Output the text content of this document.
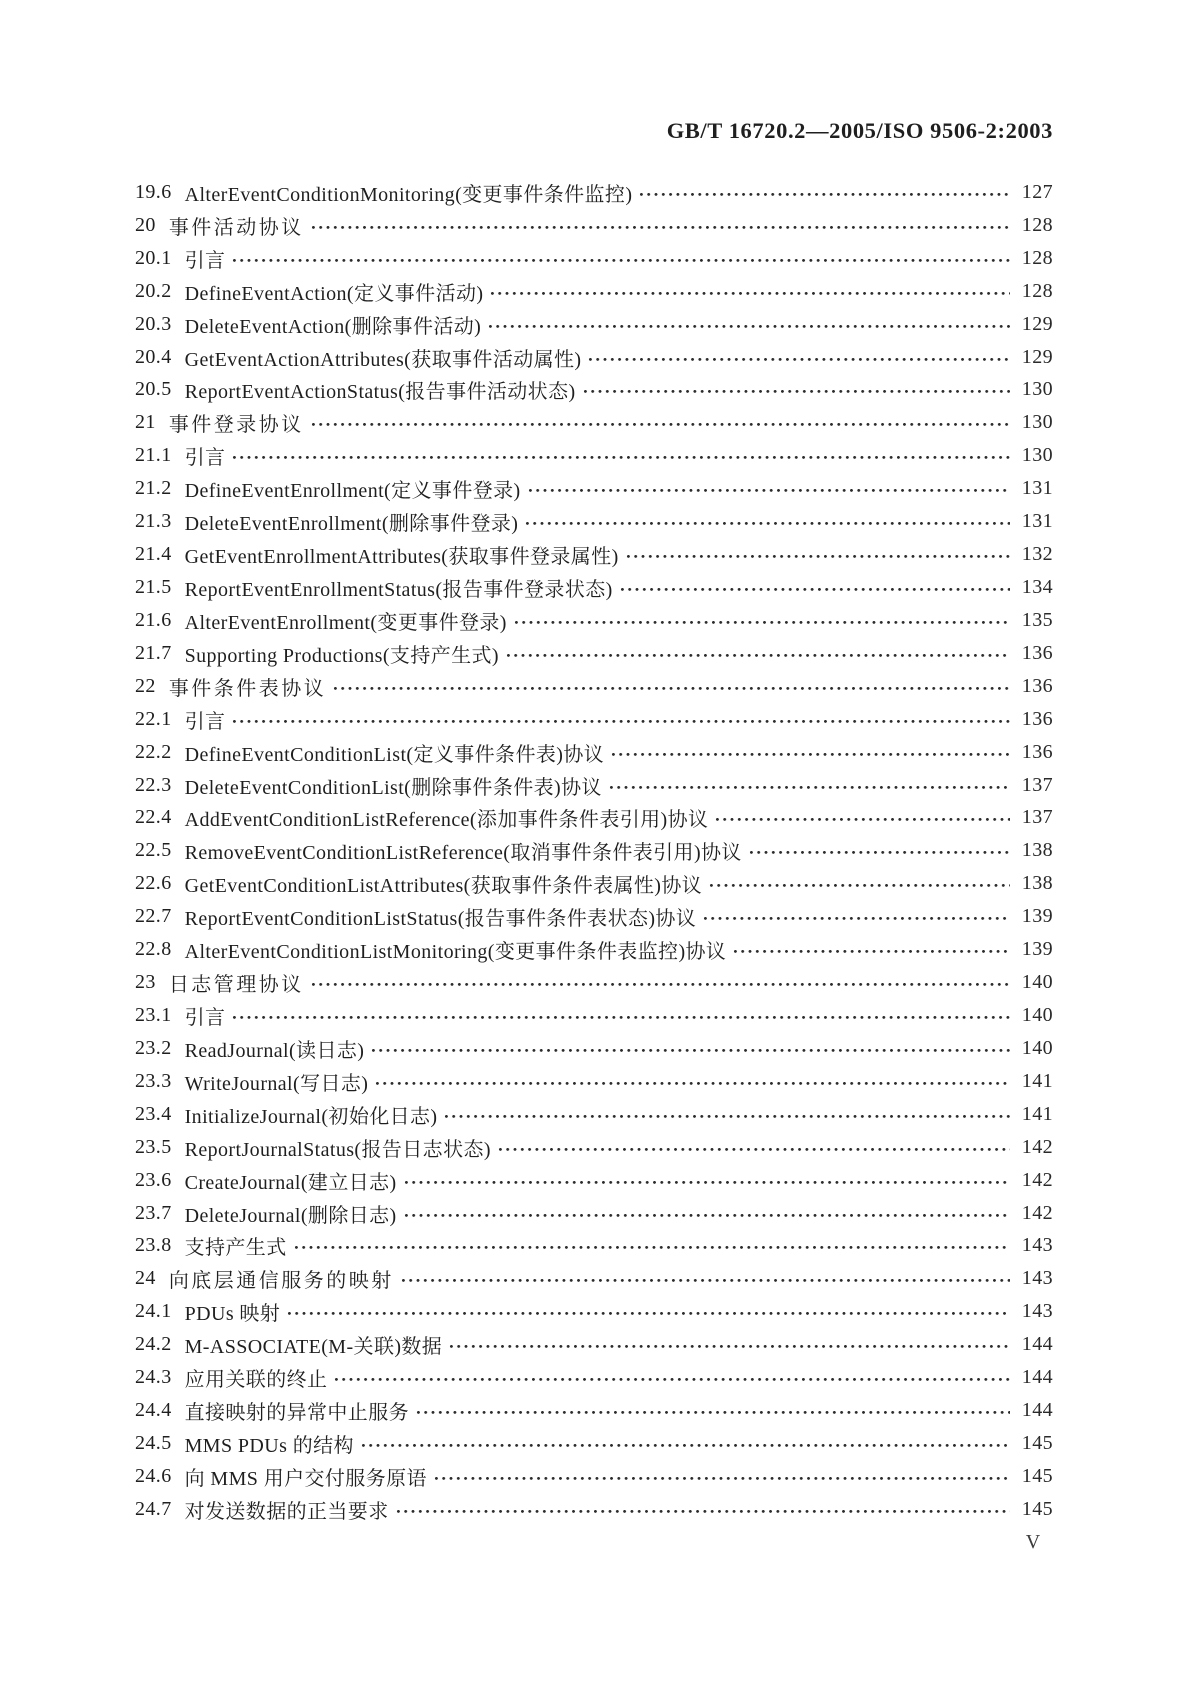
GB/T 16720.2—2005/ISO 9506-2:2003
19.6 AlterEventConditionMonitoring(变更事件条件监控)	127
20 事件活动协议	128
20.1 引言	128
20.2 DefineEventAction(定义事件活动)	128
20.3 DeleteEventAction(删除事件活动)	129
20.4 GetEventActionAttributes(获取事件活动属性)	129
20.5 ReportEventActionStatus(报告事件活动状态)	130
21 事件登录协议	130
21.1 引言	130
21.2 DefineEventEnrollment(定义事件登录)	131
21.3 DeleteEventEnrollment(删除事件登录)	131
21.4 GetEventEnrollmentAttributes(获取事件登录属性)	132
21.5 ReportEventEnrollmentStatus(报告事件登录状态)	134
21.6 AlterEventEnrollment(变更事件登录)	135
21.7 Supporting Productions(支持产生式)	136
22 事件条件表协议	136
22.1 引言	136
22.2 DefineEventConditionList(定义事件条件表)协议	136
22.3 DeleteEventConditionList(删除事件条件表)协议	137
22.4 AddEventConditionListReference(添加事件条件表引用)协议	137
22.5 RemoveEventConditionListReference(取消事件条件表引用)协议	138
22.6 GetEventConditionListAttributes(获取事件条件表属性)协议	138
22.7 ReportEventConditionListStatus(报告事件条件表状态)协议	139
22.8 AlterEventConditionListMonitoring(变更事件条件表监控)协议	139
23 日志管理协议	140
23.1 引言	140
23.2 ReadJournal(读日志)	140
23.3 WriteJournal(写日志)	141
23.4 InitializeJournal(初始化日志)	141
23.5 ReportJournalStatus(报告日志状态)	142
23.6 CreateJournal(建立日志)	142
23.7 DeleteJournal(删除日志)	142
23.8 支持产生式	143
24 向底层通信服务的映射	143
24.1 PDUs 映射	143
24.2 M-ASSOCIATE(M-关联)数据	144
24.3 应用关联的终止	144
24.4 直接映射的异常中止服务	144
24.5 MMS PDUs 的结构	145
24.6 向 MMS 用户交付服务原语	145
24.7 对发送数据的正当要求	145
V
